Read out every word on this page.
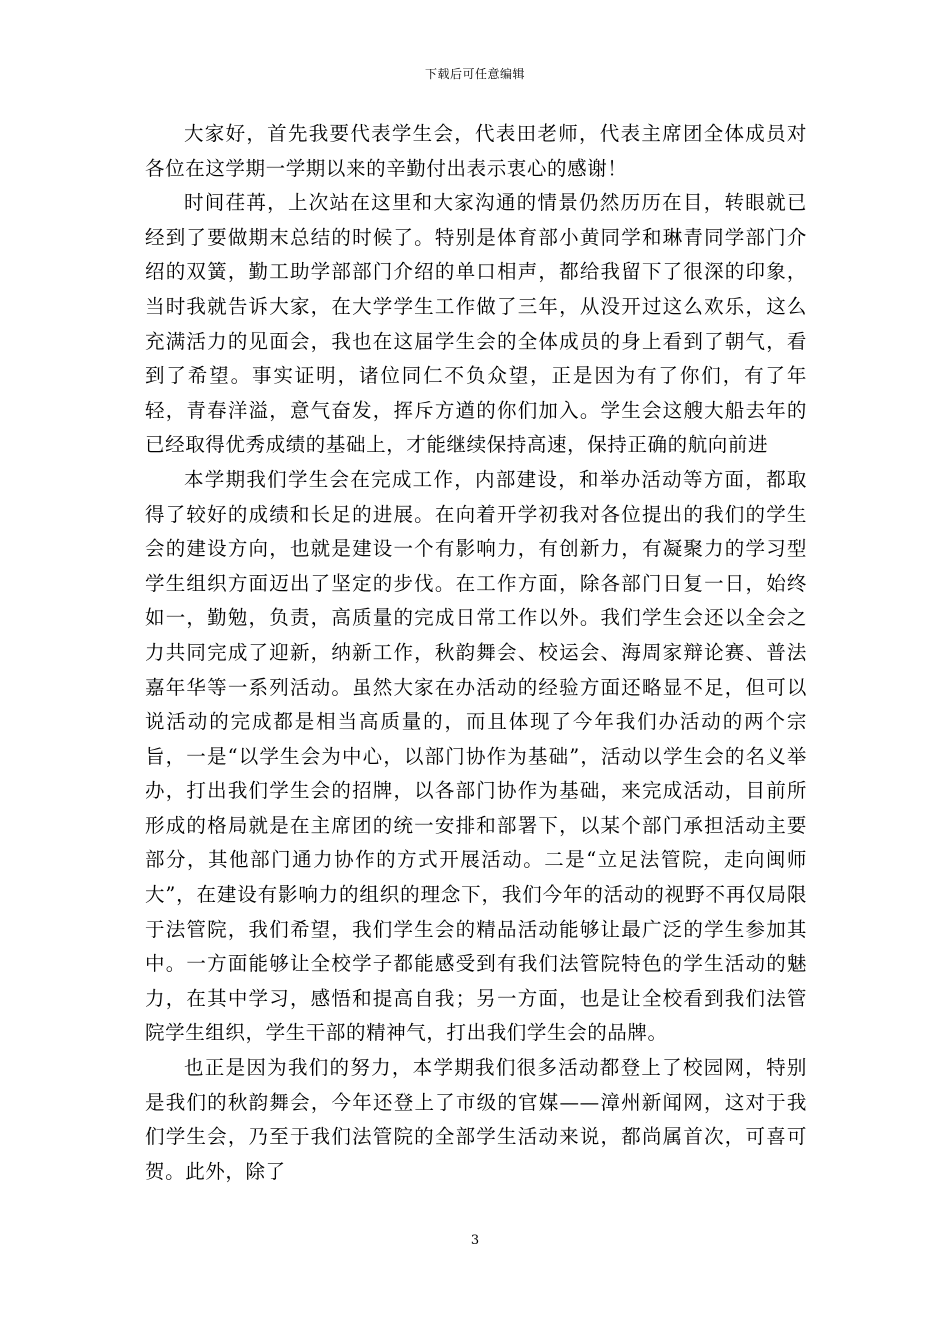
下载后可任意编辑

大家好，首先我要代表学生会，代表田老师，代表主席团全体成员对各位在这学期一学期以来的辛勤付出表示衷心的感谢！

时间荏苒，上次站在这里和大家沟通的情景仍然历历在目，转眼就已经到了要做期末总结的时候了。特别是体育部小黄同学和琳青同学部门介绍的双簧，勤工助学部部门介绍的单口相声，都给我留下了很深的印象，当时我就告诉大家，在大学学生工作做了三年，从没开过这么欢乐，这么充满活力的见面会，我也在这届学生会的全体成员的身上看到了朝气，看到了希望。事实证明，诸位同仁不负众望，正是因为有了你们，有了年轻，青春洋溢，意气奋发，挥斥方遒的你们加入。学生会这艘大船去年的已经取得优秀成绩的基础上，才能继续保持高速，保持正确的航向前进

本学期我们学生会在完成工作，内部建设，和举办活动等方面，都取得了较好的成绩和长足的进展。在向着开学初我对各位提出的我们的学生会的建设方向，也就是建设一个有影响力，有创新力，有凝聚力的学习型学生组织方面迈出了坚定的步伐。在工作方面，除各部门日复一日，始终如一，勤勉，负责，高质量的完成日常工作以外。我们学生会还以全会之力共同完成了迎新，纳新工作，秋韵舞会、校运会、海周家辩论赛、普法嘉年华等一系列活动。虽然大家在办活动的经验方面还略显不足，但可以说活动的完成都是相当高质量的，而且体现了今年我们办活动的两个宗旨，一是“以学生会为中心，以部门协作为基础”，活动以学生会的名义举办，打出我们学生会的招牌，以各部门协作为基础，来完成活动，目前所形成的格局就是在主席团的统一安排和部署下，以某个部门承担活动主要部分，其他部门通力协作的方式开展活动。二是“立足法管院，走向闽师大”，在建设有影响力的组织的理念下，我们今年的活动的视野不再仅局限于法管院，我们希望，我们学生会的精品活动能够让最广泛的学生参加其中。一方面能够让全校学子都能感受到有我们法管院特色的学生活动的魅力，在其中学习，感悟和提高自我；另一方面，也是让全校看到我们法管院学生组织，学生干部的精神气，打出我们学生会的品牌。

也正是因为我们的努力，本学期我们很多活动都登上了校园网，特别是我们的秋韵舞会，今年还登上了市级的官媒——漳州新闻网，这对于我们学生会，乃至于我们法管院的全部学生活动来说，都尚属首次，可喜可贺。此外，除了

3
